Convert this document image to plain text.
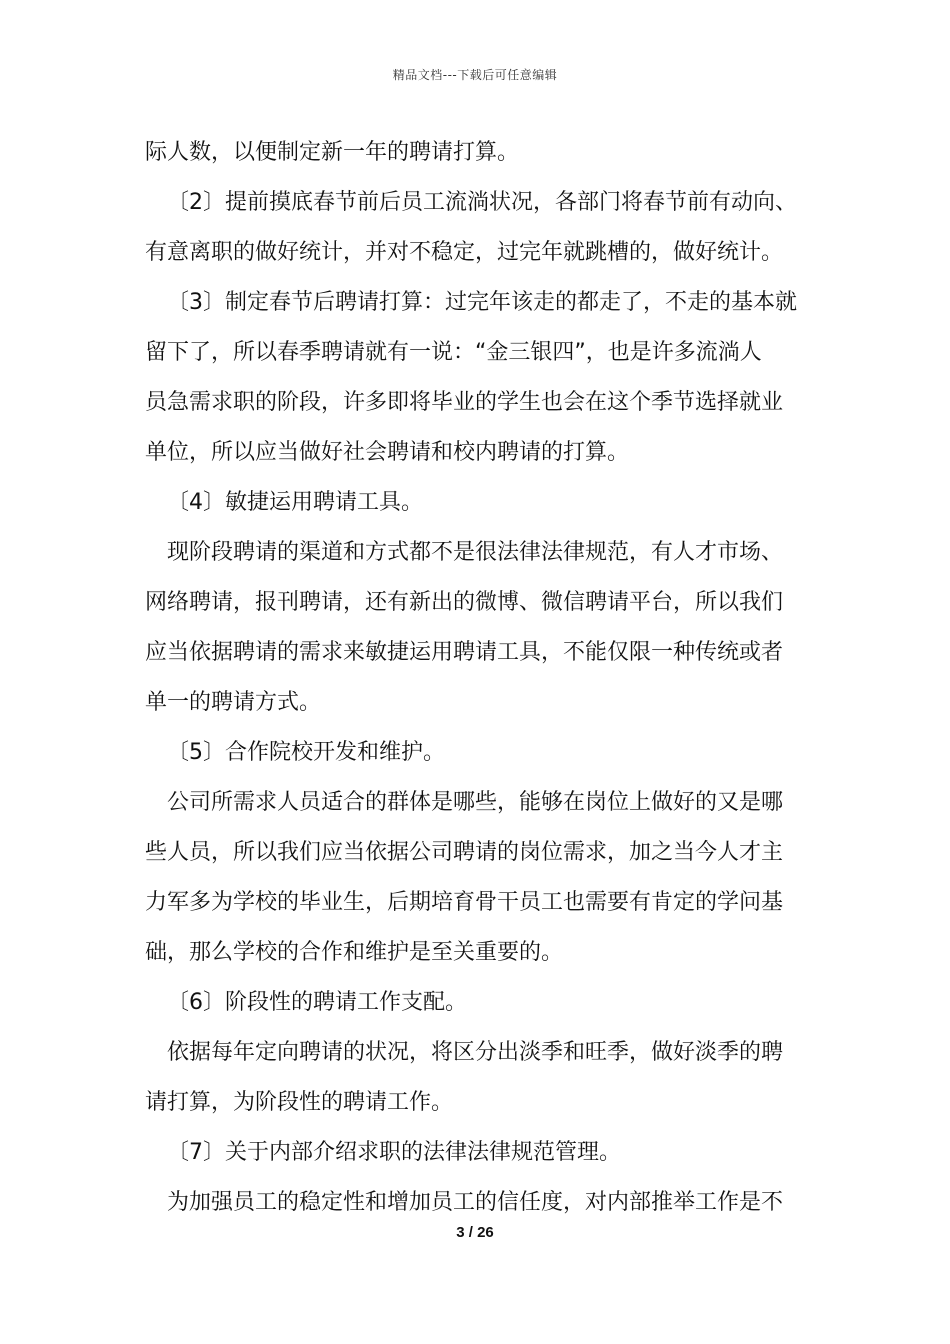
精品文档---下载后可任意编辑
际人数，以便制定新一年的聘请打算。
〔2〕提前摸底春节前后员工流淌状况，各部门将春节前有动向、
有意离职的做好统计，并对不稳定，过完年就跳槽的，做好统计。
〔3〕制定春节后聘请打算：过完年该走的都走了，不走的基本就
留下了，所以春季聘请就有一说：“金三银四”，也是许多流淌人
员急需求职的阶段，许多即将毕业的学生也会在这个季节选择就业
单位，所以应当做好社会聘请和校内聘请的打算。
〔4〕敏捷运用聘请工具。
现阶段聘请的渠道和方式都不是很法律法律规范，有人才市场、
网络聘请，报刊聘请，还有新出的微博、微信聘请平台，所以我们
应当依据聘请的需求来敏捷运用聘请工具，不能仅限一种传统或者
单一的聘请方式。
〔5〕合作院校开发和维护。
公司所需求人员适合的群体是哪些，能够在岗位上做好的又是哪
些人员，所以我们应当依据公司聘请的岗位需求，加之当今人才主
力军多为学校的毕业生，后期培育骨干员工也需要有肯定的学问基
础，那么学校的合作和维护是至关重要的。
〔6〕阶段性的聘请工作支配。
依据每年定向聘请的状况，将区分出淡季和旺季，做好淡季的聘
请打算，为阶段性的聘请工作。
〔7〕关于内部介绍求职的法律法律规范管理。
为加强员工的稳定性和增加员工的信任度，对内部推举工作是不
3 / 26
